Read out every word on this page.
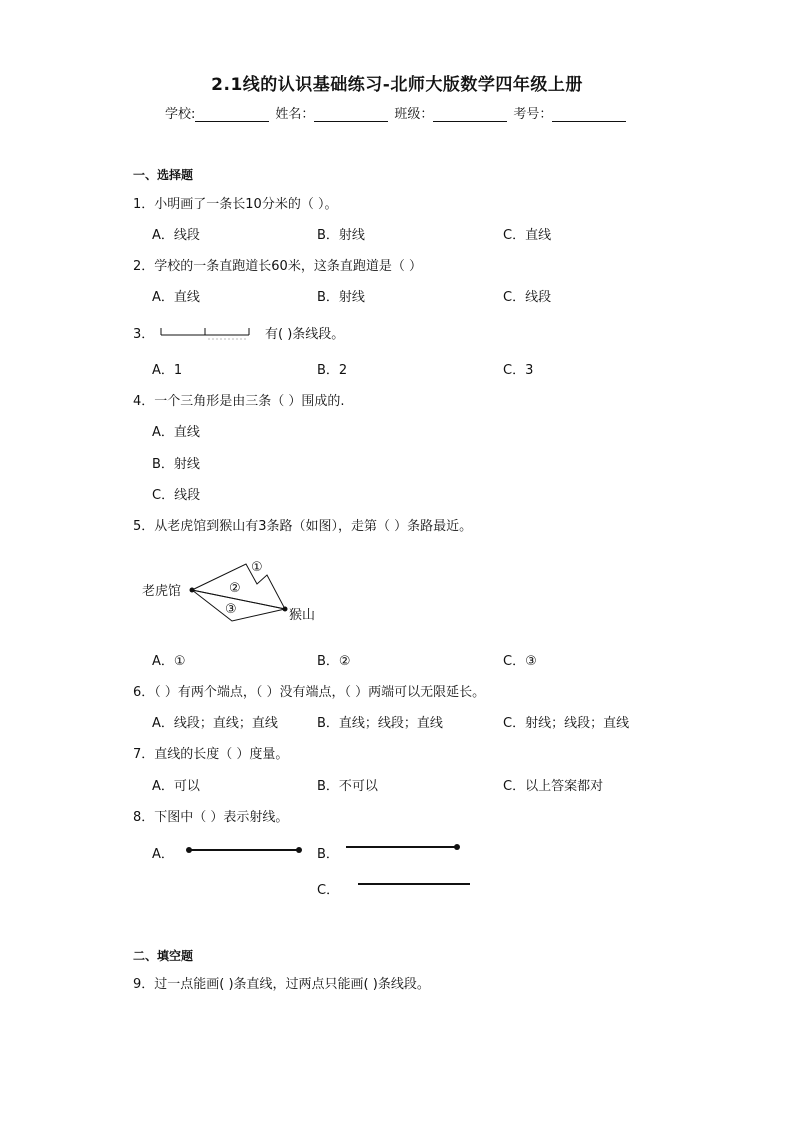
2.1线的认识基础练习-北师大版数学四年级上册
学校:	姓名：	班级：	考号：
一、选择题
1．小明画了一条长10分米的（ ）。
A．线段	B．射线	C．直线
2．学校的一条直跑道长60米，这条直跑道是（ ）
A．直线	B．射线	C．线段
3．	有( )条线段。
A．1	B．2	C．3
4．一个三角形是由三条（ ）围成的.
A．直线
B．射线
C．线段
5．从老虎馆到猴山有3条路（如图），走第（ ）条路最近。
老虎馆
猴山
①
②
③
A．①	B．②	C．③
6．（ ）有两个端点，（ ）没有端点，（ ）两端可以无限延长。
A．线段；直线；直线	B．直线；线段；直线	C．射线；线段；直线
7．直线的长度（ ）度量。
A．可以	B．不可以	C．以上答案都对
8．下图中（ ）表示射线。
A．	B．
C．
二、填空题
9．过一点能画( )条直线，过两点只能画( )条线段。
